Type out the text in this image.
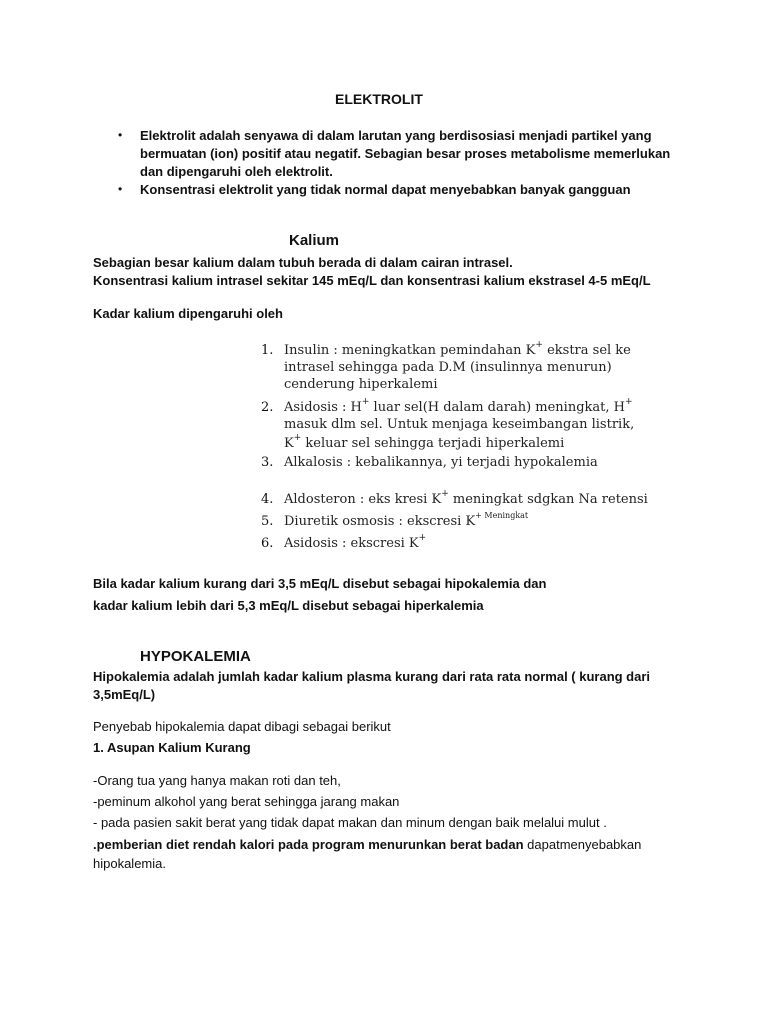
ELEKTROLIT
• Elektrolit adalah senyawa di dalam larutan yang berdisosiasi menjadi partikel yang bermuatan (ion) positif atau negatif. Sebagian besar proses metabolisme memerlukan dan dipengaruhi oleh elektrolit.
• Konsentrasi elektrolit yang tidak normal dapat menyebabkan banyak gangguan
Kalium
Sebagian besar kalium dalam tubuh berada di dalam cairan intrasel.
Konsentrasi kalium intrasel sekitar 145 mEq/L dan konsentrasi kalium ekstrasel 4-5 mEq/L
Kadar kalium dipengaruhi oleh
1. Insulin : meningkatkan pemindahan K+ ekstra sel ke
intrasel sehingga pada D.M (insulinnya menurun)
cenderung hiperkalemi
2. Asidosis : H+ luar sel(H dalam darah) meningkat, H+
masuk dlm sel. Untuk menjaga keseimbangan listrik,
K+ keluar sel sehingga terjadi hiperkalemi
3. Alkalosis : kebalikannya, yi terjadi hypokalemia
4. Aldosteron : eks kresi K+ meningkat sdgkan Na retensi
5. Diuretik osmosis : ekscresi $K^{+ Meningkat}$
6. Asidosis : ekscresi K+
Bila kadar kalium kurang dari 3,5 mEq/L disebut sebagai hipokalemia dan
kadar kalium lebih dari 5,3 mEq/L disebut sebagai hiperkalemia
HYPOKALEMIA
Hipokalemia adalah jumlah kadar kalium plasma kurang dari rata rata normal ( kurang dari
3,5mEq/L)
Penyebab hipokalemia dapat dibagi sebagai berikut
1. Asupan Kalium Kurang
-Orang tua yang hanya makan roti dan teh,
-peminum alkohol yang berat sehingga jarang makan
- pada pasien sakit berat yang tidak dapat makan dan minum dengan baik melalui mulut .
.pemberian diet rendah kalori pada program menurunkan berat badan dapatmenyebabkan
hipokalemia.
